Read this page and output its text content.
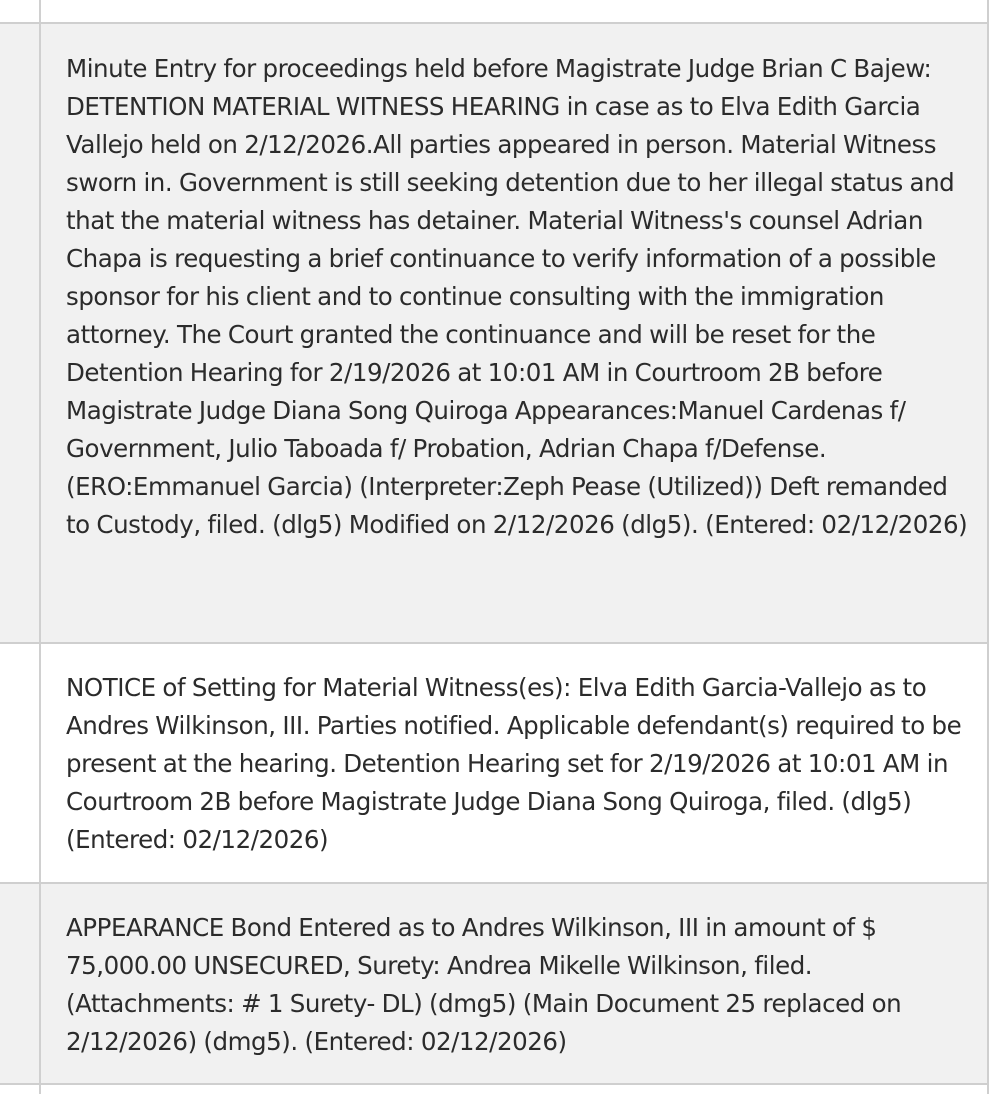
Minute Entry for proceedings held before Magistrate Judge Brian C Bajew: DETENTION MATERIAL WITNESS HEARING in case as to Elva Edith Garcia Vallejo held on 2/12/2026.All parties appeared in person. Material Witness sworn in. Government is still seeking detention due to her illegal status and that the material witness has detainer. Material Witness's counsel Adrian Chapa is requesting a brief continuance to verify information of a possible sponsor for his client and to continue consulting with the immigration attorney. The Court granted the continuance and will be reset for the Detention Hearing for 2/19/2026 at 10:01 AM in Courtroom 2B before Magistrate Judge Diana Song Quiroga Appearances:Manuel Cardenas f/ Government, Julio Taboada f/ Probation, Adrian Chapa f/Defense. (ERO:Emmanuel Garcia) (Interpreter:Zeph Pease (Utilized)) Deft remanded to Custody, filed. (dlg5) Modified on 2/12/2026 (dlg5). (Entered: 02/12/2026)
NOTICE of Setting for Material Witness(es): Elva Edith Garcia-Vallejo as to Andres Wilkinson, III. Parties notified. Applicable defendant(s) required to be present at the hearing. Detention Hearing set for 2/19/2026 at 10:01 AM in Courtroom 2B before Magistrate Judge Diana Song Quiroga, filed. (dlg5) (Entered: 02/12/2026)
APPEARANCE Bond Entered as to Andres Wilkinson, III in amount of $ 75,000.00 UNSECURED, Surety: Andrea Mikelle Wilkinson, filed. (Attachments: # 1 Surety- DL) (dmg5) (Main Document 25 replaced on 2/12/2026) (dmg5). (Entered: 02/12/2026)
